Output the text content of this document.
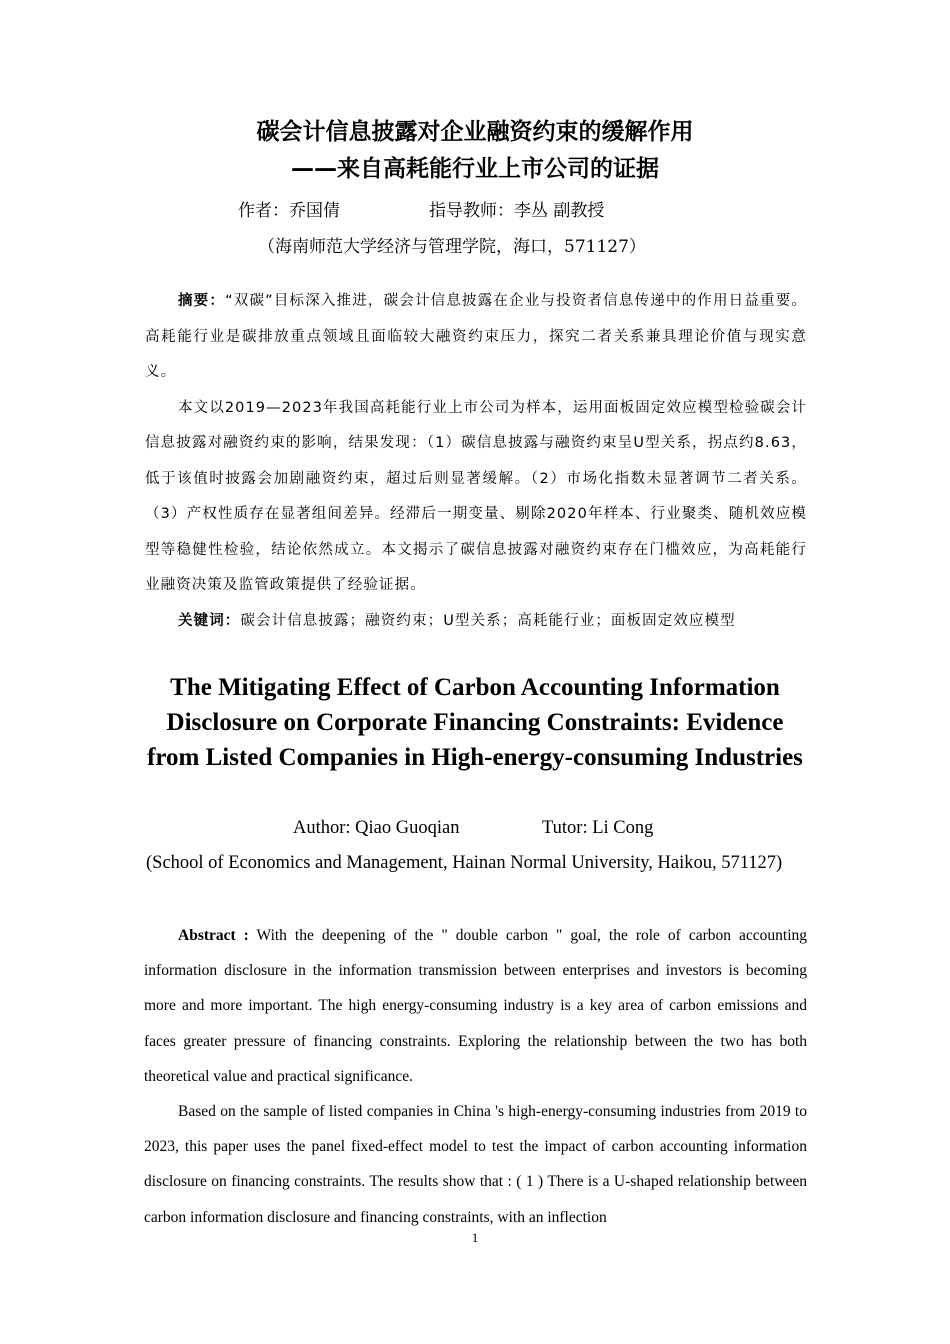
碳会计信息披露对企业融资约束的缓解作用
——来自高耗能行业上市公司的证据
作者：乔国倩	指导教师：李丛 副教授
（海南师范大学经济与管理学院，海口，571127）

摘要：“双碳”目标深入推进，碳会计信息披露在企业与投资者信息传递中的作用日益重要。高耗能行业是碳排放重点领域且面临较大融资约束压力，探究二者关系兼具理论价值与现实意义。

本文以2019—2023年我国高耗能行业上市公司为样本，运用面板固定效应模型检验碳会计信息披露对融资约束的影响，结果发现：（1）碳信息披露与融资约束呈U型关系，拐点约8.63，低于该值时披露会加剧融资约束，超过后则显著缓解。（2）市场化指数未显著调节二者关系。（3）产权性质存在显著组间差异。经滞后一期变量、剔除2020年样本、行业聚类、随机效应模型等稳健性检验，结论依然成立。本文揭示了碳信息披露对融资约束存在门槛效应，为高耗能行业融资决策及监管政策提供了经验证据。

关键词：碳会计信息披露；融资约束；U型关系；高耗能行业；面板固定效应模型

The Mitigating Effect of Carbon Accounting Information Disclosure on Corporate Financing Constraints: Evidence from Listed Companies in High-energy-consuming Industries
Author: Qiao Guoqian	Tutor: Li Cong
(School of Economics and Management, Hainan Normal University, Haikou, 571127)

Abstract : With the deepening of the " double carbon " goal, the role of carbon accounting information disclosure in the information transmission between enterprises and investors is becoming more and more important. The high energy-consuming industry is a key area of carbon emissions and faces greater pressure of financing constraints. Exploring the relationship between the two has both theoretical value and practical significance.

Based on the sample of listed companies in China 's high-energy-consuming industries from 2019 to 2023, this paper uses the panel fixed-effect model to test the impact of carbon accounting information disclosure on financing constraints. The results show that : ( 1 ) There is a U-shaped relationship between carbon information disclosure and financing constraints, with an inflection

1
